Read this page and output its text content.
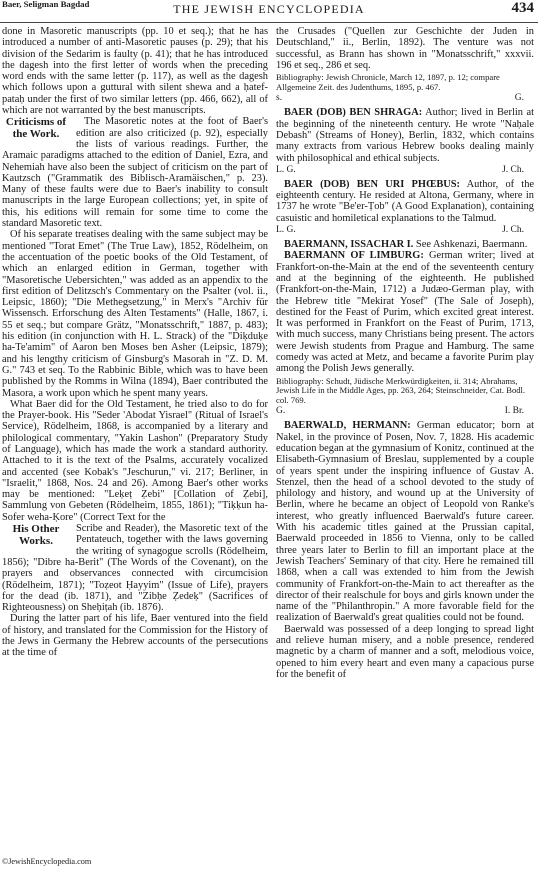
Baer, Seligman Bagdad	THE JEWISH ENCYCLOPEDIA	434

done in Masoretic manuscripts (pp. 10 et seq.); that he has introduced a number of anti-Masoretic pauses (p. 29); that his division of the Sedarim is faulty (p. 41); that he has introduced the dagesh into the first letter of words when the preceding word ends with the same letter (p. 117), as well as the dagesh which follows upon a guttural with silent shewa and a ḥatef-pataḥ under the first of two similar letters (pp. 466, 662), all of which are not warranted by the best manuscripts.

Criticisms of the Work.

The Masoretic notes at the foot of Baer's edition are also criticized (p. 92), especially the lists of various readings. Further, the Aramaic paradigms attached to the edition of Daniel, Ezra, and Nehemiah have also been the subject of criticism on the part of Kautzsch ("Grammatik des Biblisch-Aramäischen," p. 23). Many of these faults were due to Baer's inability to consult manuscripts in the large European collections; yet, in spite of this, his editions will remain for some time to come the standard Masoretic text.

Of his separate treatises dealing with the same subject may be mentioned "Torat Emet" (The True Law), 1852, Rödelheim, on the accentuation of the poetic books of the Old Testament, of which an enlarged edition in German, together with "Masoretische Uebersichten," was added as an appendix to the first edition of Delitzsch's Commentary on the Psalter (vol. ii., Leipsic, 1860); "Die Methegsetzung," in Merx's "Archiv für Wissensch. Erforschung des Alten Testaments" (Halle, 1867, i. 55 et seq.; but compare Grätz, "Monatsschrift," 1887, p. 483); his edition (in conjunction with H. L. Strack) of the "Diḳduḳe ha-Te'amim" of Aaron ben Moses ben Asher (Leipsic, 1879); and his lengthy criticism of Ginsburg's Masorah in "Z. D. M. G." 743 et seq. To the Rabbinic Bible, which was to have been published by the Romms in Wilna (1894), Baer contributed the Masora, a work upon which he spent many years.

What Baer did for the Old Testament, he tried also to do for the Prayer-book. His "Seder 'Abodat Yisrael" (Ritual of Israel's Service), Rödelheim, 1868, is accompanied by a literary and philological commentary, "Yakin Lashon" (Preparatory Study of Language), which has made the work a standard authority. Attached to it is the text of the Psalms, accurately vocalized and accented (see Kobak's "Jeschurun," vi. 217; Berliner, in "Israelit," 1868, Nos. 24 and 26). Among Baer's other works may be mentioned: "Leḳeṭ Ẓebi" [Collation of Ẓebi], Sammlung von Gebeten (Rödelheim, 1855, 1861); "Tiḳḳun ha-Sofer weha-Ḳore" (Correct Text for the

His Other Works.

Scribe and Reader), the Masoretic text of the Pentateuch, together with the laws governing the writing of synagogue scrolls (Rödelheim, 1856); "Dibre ha-Berit" (The Words of the Covenant), on the prayers and observances connected with circumcision (Rödelheim, 1871); "Toẓeot Ḥayyim" (Issue of Life), prayers for the dead (ib. 1871), and "Zibḥe Ẓedeḳ" (Sacrifices of Righteousness) on Sheḥiṭah (ib. 1876).

During the latter part of his life, Baer ventured into the field of history, and translated for the Commission for the History of the Jews in Germany the Hebrew accounts of the persecutions at the time of

the Crusades ("Quellen zur Geschichte der Juden in Deutschland," ii., Berlin, 1892). The venture was not successful, as Brann has shown in "Monatsschrift," xxxvii. 196 et seq., 286 et seq.

Bibliography: Jewish Chronicle, March 12, 1897, p. 12; compare Allgemeine Zeit. des Judenthums, 1895, p. 467.
s.	G.

BAER (DOB) BEN SHRAGA: Author; lived in Berlin at the beginning of the nineteenth century. He wrote "Naḥale Debash" (Streams of Honey), Berlin, 1832, which contains many extracts from various Hebrew books dealing mainly with philosophical and ethical subjects.

L. G.	J. Ch.

BAER (DOB) BEN URI PHŒBUS: Author, of the eighteenth century. He resided at Altona, Germany, where in 1737 he wrote "Be'er-Ṭob" (A Good Explanation), containing casuistic and homiletical explanations to the Talmud.

L. G.	J. Ch.

BAERMANN, ISSACHAR I. See Ashkenazi, Baermann.

BAERMANN OF LIMBURG: German writer; lived at Frankfort-on-the-Main at the end of the seventeenth century and at the beginning of the eighteenth. He published (Frankfort-on-the-Main, 1712) a Judæo-German play, with the Hebrew title "Mekirat Yosef" (The Sale of Joseph), destined for the Feast of Purim, which excited great interest. It was performed in Frankfort on the Feast of Purim, 1713, with much success, many Christians being present. The actors were Jewish students from Prague and Hamburg. The same comedy was acted at Metz, and became a favorite Purim play among the Polish Jews generally.

Bibliography: Schudt, Jüdische Merkwürdigkeiten, ii. 314; Abrahams, Jewish Life in the Middle Ages, pp. 263, 264; Steinschneider, Cat. Bodl. col. 769.
G.	I. Br.

BAERWALD, HERMANN: German educator; born at Nakel, in the province of Posen, Nov. 7, 1828. His academic education began at the gymnasium of Konitz, continued at the Elisabeth-Gymnasium of Breslau, supplemented by a couple of years spent under the inspiring influence of Gustav A. Stenzel, then the head of a school devoted to the study of philology and history, and wound up at the University of Berlin, where he became an object of Leopold von Ranke's interest, who greatly influenced Baerwald's future career. With his academic titles gained at the Prussian capital, Baerwald proceeded in 1856 to Vienna, only to be called three years later to Berlin to fill an important place at the Jewish Teachers' Seminary of that city. Here he remained till 1868, when a call was extended to him from the Jewish community of Frankfort-on-the-Main to act thereafter as the director of their realschule for boys and girls known under the name of the "Philanthropin." A more favorable field for the realization of Baerwald's great qualities could not be found.

Baerwald was possessed of a deep longing to spread light and relieve human misery, and a noble presence, rendered magnetic by a charm of manner and a soft, melodious voice, opened to him every heart and even many a capacious purse for the benefit of

©JewishEncyclopedia.com
